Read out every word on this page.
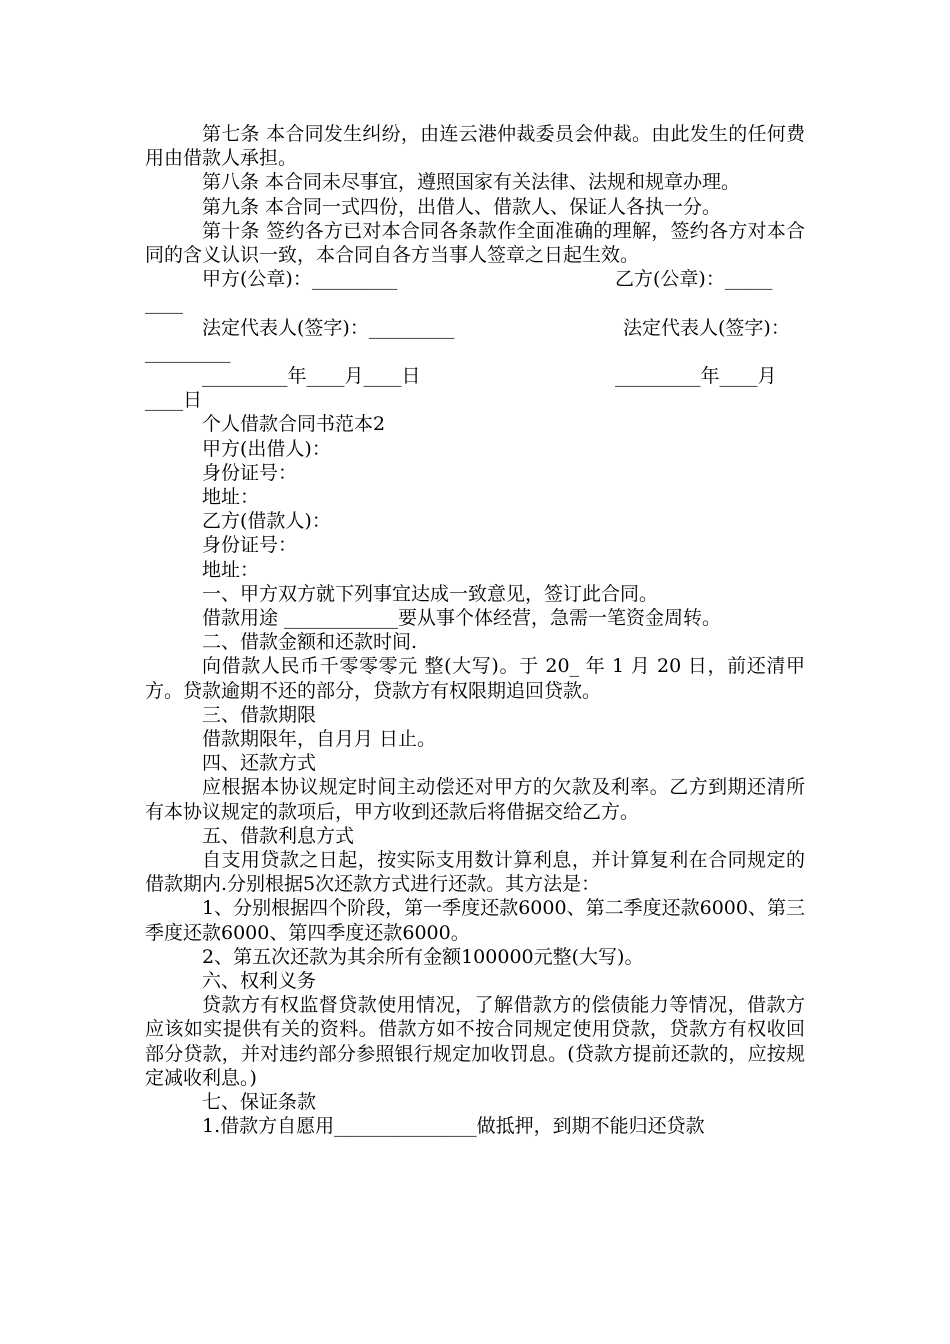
第七条 本合同发生纠纷，由连云港仲裁委员会仲裁。由此发生的任何费用由借款人承担。

第八条 本合同未尽事宜，遵照国家有关法律、法规和规章办理。

第九条 本合同一式四份，出借人、借款人、保证人各执一分。

第十条 签约各方已对本合同各条款作全面准确的理解，签约各方对本合同的含义认识一致，本合同自各方当事人签章之日起生效。

甲方(公章)：_________

	乙方(公章)：_____

____

法定代表人(签字)：_________

	法定代表人(签字)：

_________

_________年____月____日

	_________年____月

____日

个人借款合同书范本2

甲方(出借人)：

身份证号：

地址：

乙方(借款人)：

身份证号：

地址：

一、甲方双方就下列事宜达成一致意见，签订此合同。

借款用途 ____________要从事个体经营，急需一笔资金周转。

二、借款金额和还款时间.

向借款人民币千零零零元 整(大写)。于 20_ 年 1 月 20 日，前还清甲方。贷款逾期不还的部分，贷款方有权限期追回贷款。

三、借款期限

借款期限年，自月月 日止。

四、还款方式

应根据本协议规定时间主动偿还对甲方的欠款及利率。乙方到期还清所有本协议规定的款项后，甲方收到还款后将借据交给乙方。

五、借款利息方式

自支用贷款之日起，按实际支用数计算利息，并计算复利在合同规定的借款期内.分别根据5次还款方式进行还款。其方法是：

1、分别根据四个阶段，第一季度还款6000、第二季度还款6000、第三季度还款6000、第四季度还款6000。

2、第五次还款为其余所有金额100000元整(大写)。

六、权利义务

贷款方有权监督贷款使用情况，了解借款方的偿债能力等情况，借款方应该如实提供有关的资料。借款方如不按合同规定使用贷款，贷款方有权收回部分贷款，并对违约部分参照银行规定加收罚息。(贷款方提前还款的，应按规定减收利息。)

七、保证条款

1.借款方自愿用_______________做抵押，到期不能归还贷款
